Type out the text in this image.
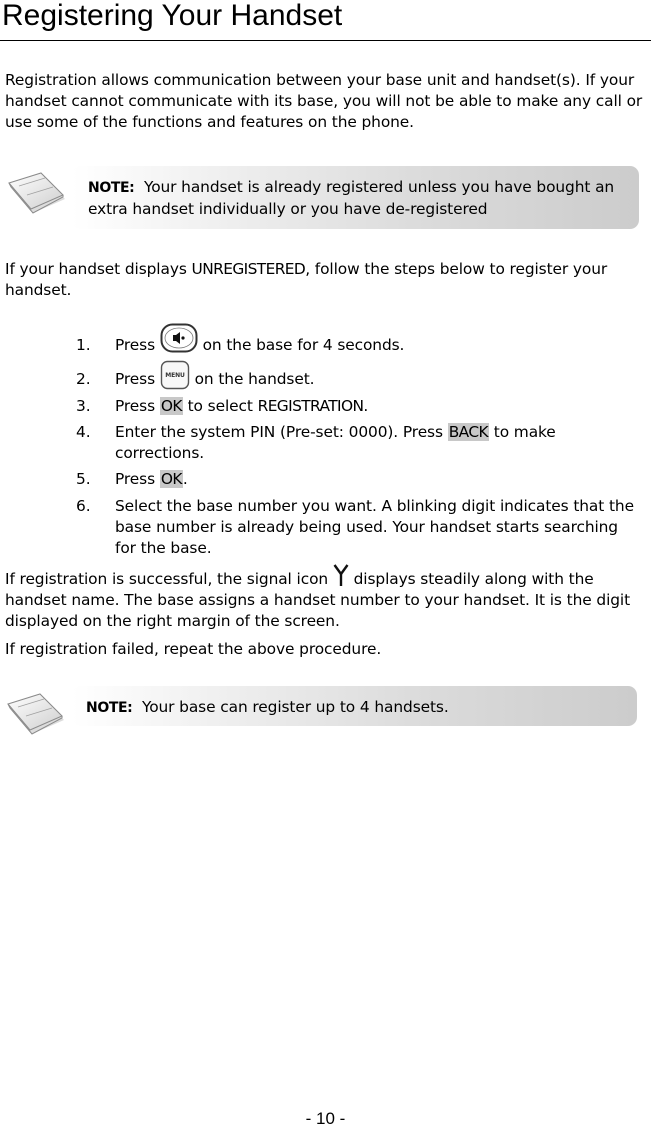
Registering Your Handset
Registration allows communication between your base unit and handset(s). If your handset cannot communicate with its base, you will not be able to make any call or use some of the functions and features on the phone.
NOTE: Your handset is already registered unless you have bought an extra handset individually or you have de-registered
If your handset displays UNREGISTERED, follow the steps below to register your handset.
1. Press	on the base for 4 seconds.
2. Press MENU on the handset.
3. Press OK to select REGISTRATION.
4. Enter the system PIN (Pre-set: 0000). Press BACK to make corrections.
5. Press OK.
6. Select the base number you want. A blinking digit indicates that the base number is already being used. Your handset starts searching for the base.
If registration is successful, the signal icon displays steadily along with the handset name. The base assigns a handset number to your handset. It is the digit displayed on the right margin of the screen.
If registration failed, repeat the above procedure.
NOTE: Your base can register up to 4 handsets.
- 10 -
